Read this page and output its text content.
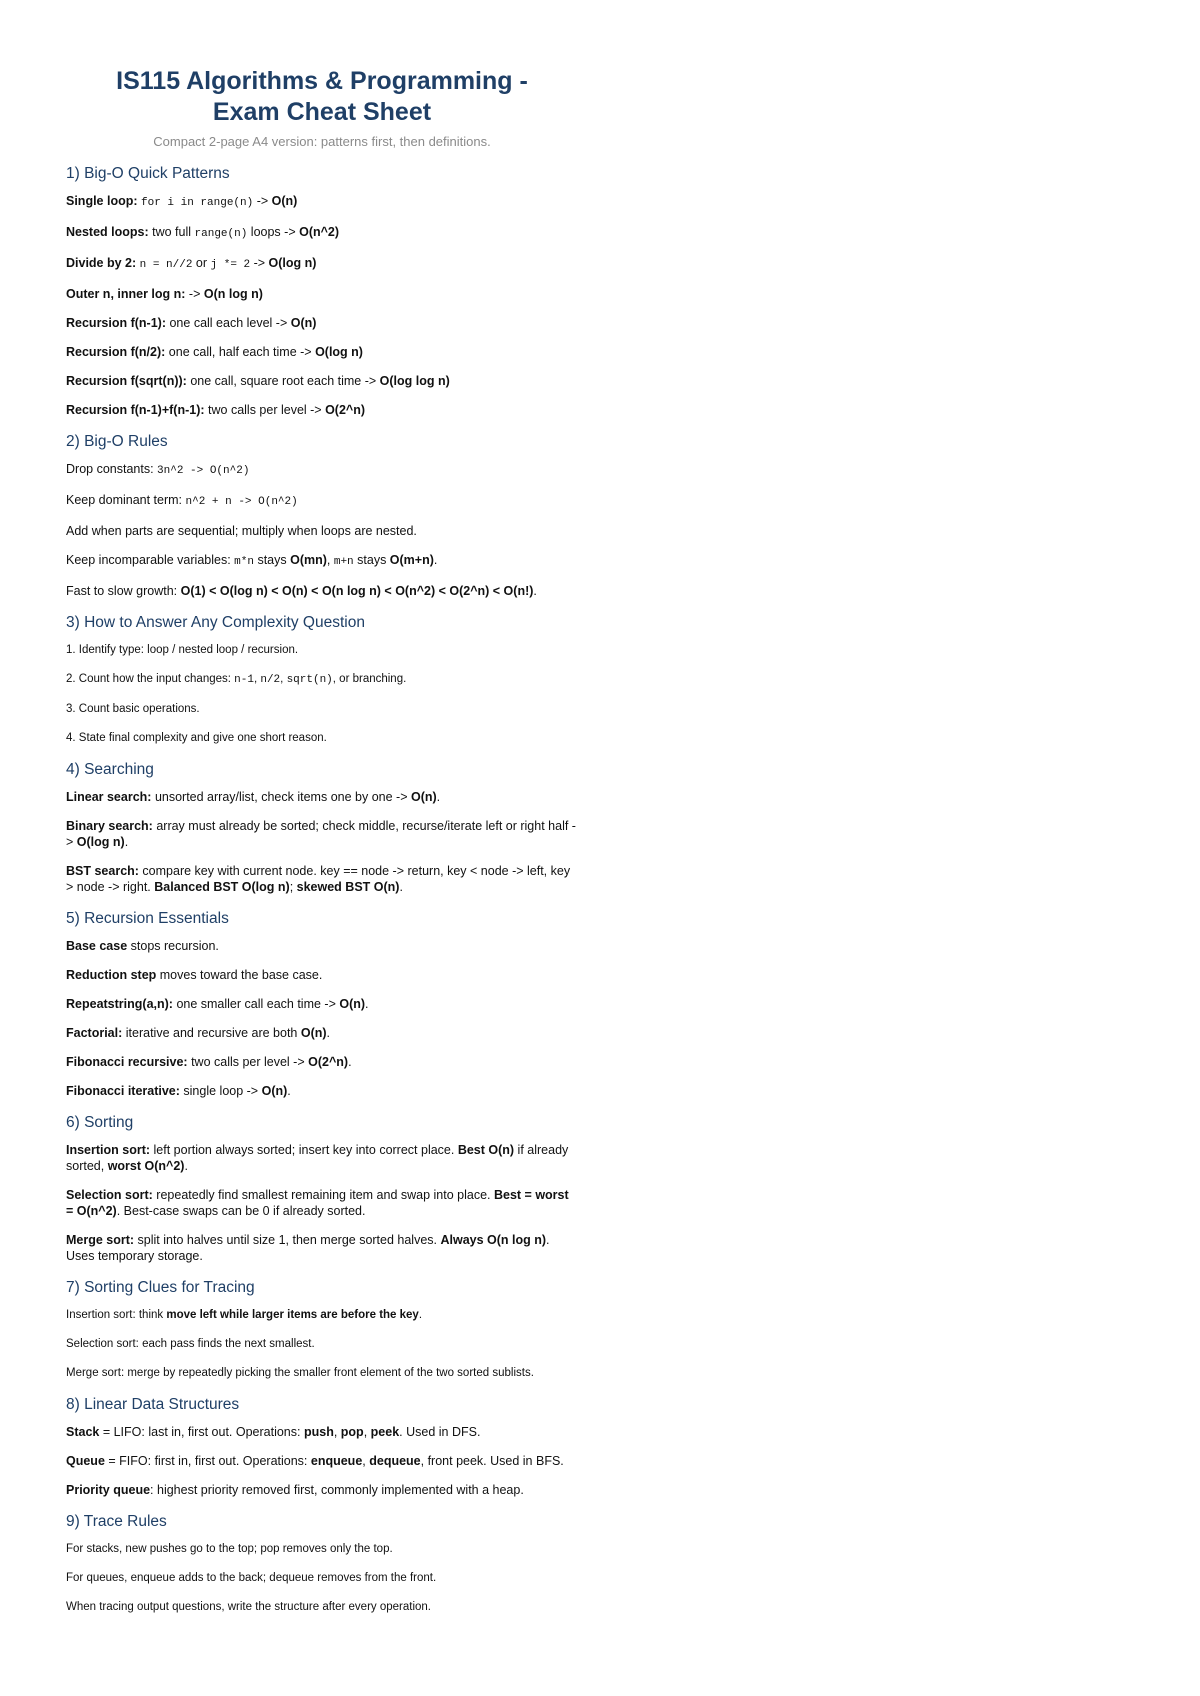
IS115 Algorithms & Programming -
Exam Cheat Sheet
Compact 2-page A4 version: patterns first, then definitions.
1) Big-O Quick Patterns

Single loop: for i in range(n) -> O(n)

Nested loops: two full range(n) loops -> O(n^2)

Divide by 2: n = n//2 or j *= 2 -> O(log n)

Outer n, inner log n: -> O(n log n)

Recursion f(n-1): one call each level -> O(n)

Recursion f(n/2): one call, half each time -> O(log n)

Recursion f(sqrt(n)): one call, square root each time -> O(log log n)

Recursion f(n-1)+f(n-1): two calls per level -> O(2^n)

2) Big-O Rules

Drop constants: 3n^2 -> O(n^2)

Keep dominant term: n^2 + n -> O(n^2)

Add when parts are sequential; multiply when loops are nested.

Keep incomparable variables: m*n stays O(mn), m+n stays O(m+n).

Fast to slow growth: O(1) < O(log n) < O(n) < O(n log n) < O(n^2) < O(2^n) < O(n!).

3) How to Answer Any Complexity Question

1. Identify type: loop / nested loop / recursion.

2. Count how the input changes: n-1, n/2, sqrt(n), or branching.

3. Count basic operations.

4. State final complexity and give one short reason.

4) Searching

Linear search: unsorted array/list, check items one by one -> O(n).

Binary search: array must already be sorted; check middle, recurse/iterate left or right half -> O(log n).

BST search: compare key with current node. key == node -> return, key < node -> left, key > node -> right. Balanced BST O(log n); skewed BST O(n).

5) Recursion Essentials

Base case stops recursion.

Reduction step moves toward the base case.

Repeatstring(a,n): one smaller call each time -> O(n).

Factorial: iterative and recursive are both O(n).

Fibonacci recursive: two calls per level -> O(2^n).

Fibonacci iterative: single loop -> O(n).

6) Sorting

Insertion sort: left portion always sorted; insert key into correct place. Best O(n) if already sorted, worst O(n^2).

Selection sort: repeatedly find smallest remaining item and swap into place. Best = worst = O(n^2). Best-case swaps can be 0 if already sorted.

Merge sort: split into halves until size 1, then merge sorted halves. Always O(n log n). Uses temporary storage.

7) Sorting Clues for Tracing

Insertion sort: think move left while larger items are before the key.

Selection sort: each pass finds the next smallest.

Merge sort: merge by repeatedly picking the smaller front element of the two sorted sublists.

8) Linear Data Structures

Stack = LIFO: last in, first out. Operations: push, pop, peek. Used in DFS.

Queue = FIFO: first in, first out. Operations: enqueue, dequeue, front peek. Used in BFS.

Priority queue: highest priority removed first, commonly implemented with a heap.

9) Trace Rules

For stacks, new pushes go to the top; pop removes only the top.

For queues, enqueue adds to the back; dequeue removes from the front.

When tracing output questions, write the structure after every operation.
